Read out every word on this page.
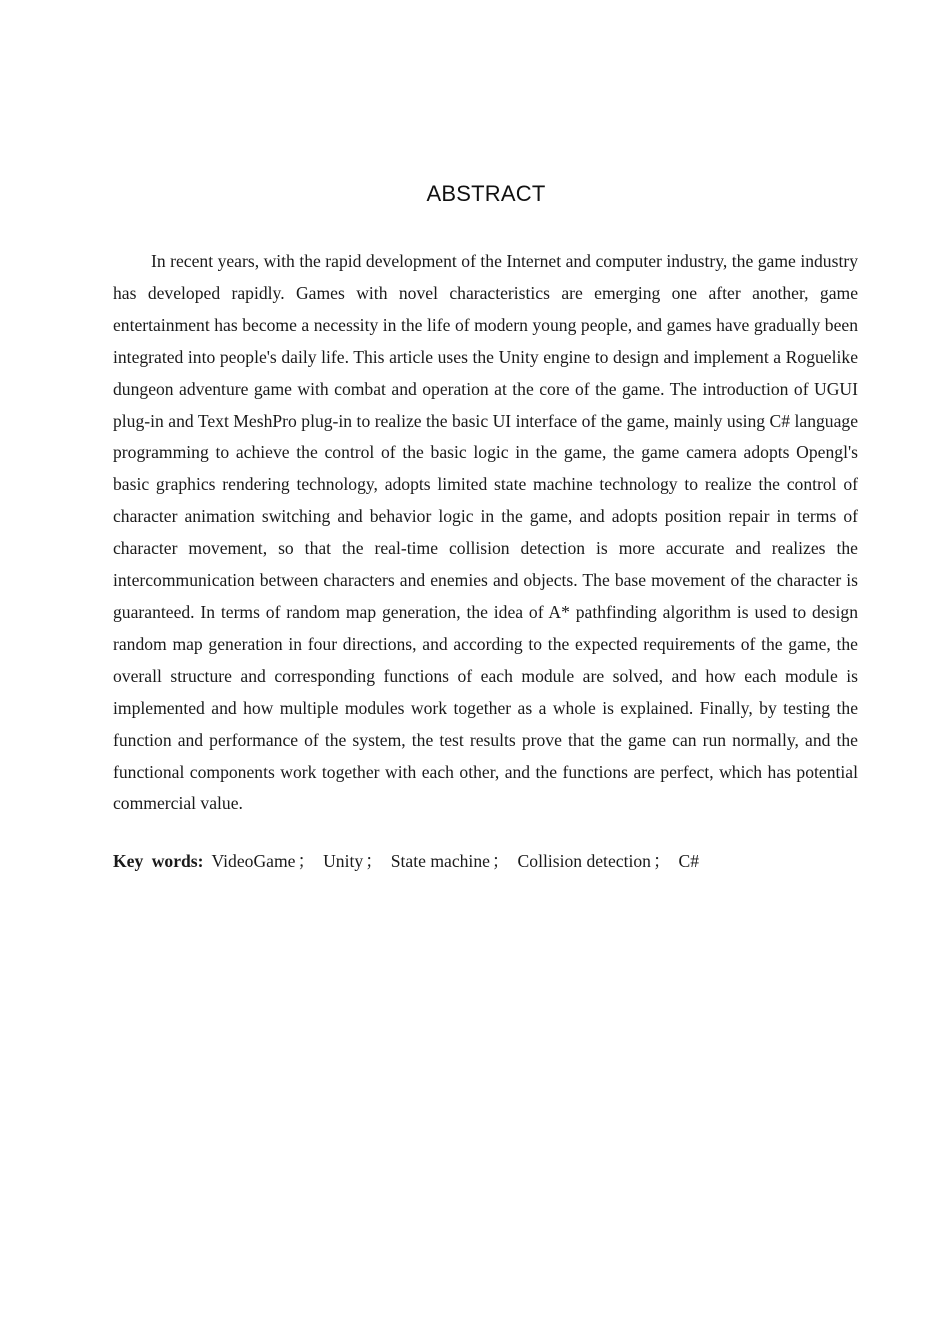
ABSTRACT

In recent years, with the rapid development of the Internet and computer industry, the game industry has developed rapidly. Games with novel characteristics are emerging one after another, game entertainment has become a necessity in the life of modern young people, and games have gradually been integrated into people's daily life. This article uses the Unity engine to design and implement a Roguelike dungeon adventure game with combat and operation at the core of the game. The introduction of UGUI plug-in and Text MeshPro plug-in to realize the basic UI interface of the game, mainly using C# language programming to achieve the control of the basic logic in the game, the game camera adopts Opengl's basic graphics rendering technology, adopts limited state machine technology to realize the control of character animation switching and behavior logic in the game, and adopts position repair in terms of character movement, so that the real-time collision detection is more accurate and realizes the intercommunication between characters and enemies and objects. The base movement of the character is guaranteed. In terms of random map generation, the idea of A* pathfinding algorithm is used to design random map generation in four directions, and according to the expected requirements of the game, the overall structure and corresponding functions of each module are solved, and how each module is implemented and how multiple modules work together as a whole is explained. Finally, by testing the function and performance of the system, the test results prove that the game can run normally, and the functional components work together with each other, and the functions are perfect, which has potential commercial value.

Key words: VideoGame ； Unity ； State machine ； Collision detection ； C#
